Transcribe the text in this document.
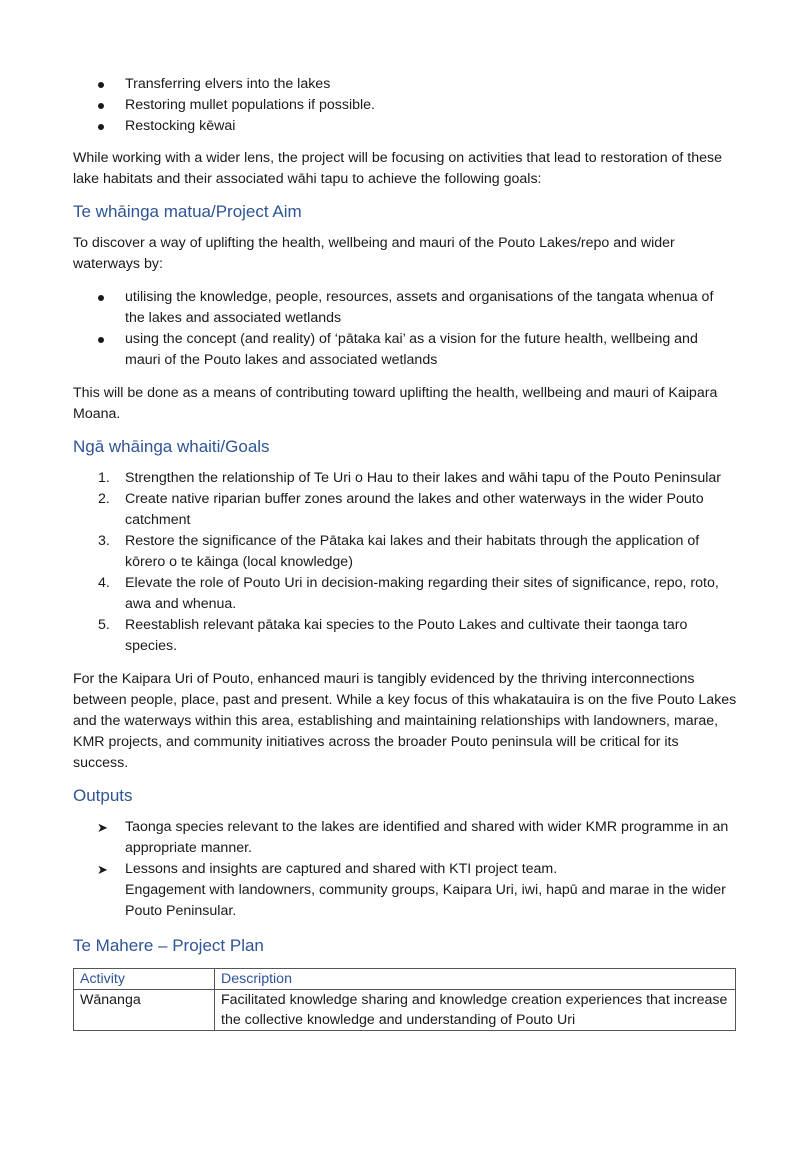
Transferring elvers into the lakes
Restoring mullet populations if possible.
Restocking kēwai

While working with a wider lens, the project will be focusing on activities that lead to restoration of these lake habitats and their associated wāhi tapu to achieve the following goals:

Te whāinga matua/Project Aim

To discover a way of uplifting the health, wellbeing and mauri of the Pouto Lakes/repo and wider waterways by:

utilising the knowledge, people, resources, assets and organisations of the tangata whenua of the lakes and associated wetlands
using the concept (and reality) of ‘pātaka kai’ as a vision for the future health, wellbeing and mauri of the Pouto lakes and associated wetlands

This will be done as a means of contributing toward uplifting the health, wellbeing and mauri of Kaipara Moana.

Ngā whāinga whaiti/Goals
1. Strengthen the relationship of Te Uri o Hau to their lakes and wāhi tapu of the Pouto Peninsular
2. Create native riparian buffer zones around the lakes and other waterways in the wider Pouto catchment
3. Restore the significance of the Pātaka kai lakes and their habitats through the application of kōrero o te kāinga (local knowledge)
4. Elevate the role of Pouto Uri in decision-making regarding their sites of significance, repo, roto, awa and whenua.
5. Reestablish relevant pātaka kai species to the Pouto Lakes and cultivate their taonga taro species.

For the Kaipara Uri of Pouto, enhanced mauri is tangibly evidenced by the thriving interconnections between people, place, past and present. While a key focus of this whakatauira is on the five Pouto Lakes and the waterways within this area, establishing and maintaining relationships with landowners, marae, KMR projects, and community initiatives across the broader Pouto peninsula will be critical for its success.

Outputs
➤ Taonga species relevant to the lakes are identified and shared with wider KMR programme in an appropriate manner.
➤ Lessons and insights are captured and shared with KTI project team.
Engagement with landowners, community groups, Kaipara Uri, iwi, hapū and marae in the wider Pouto Peninsular.
Te Mahere – Project Plan
Activity	Description
Wānanga	Facilitated knowledge sharing and knowledge creation experiences that increase the collective knowledge and understanding of Pouto Uri
